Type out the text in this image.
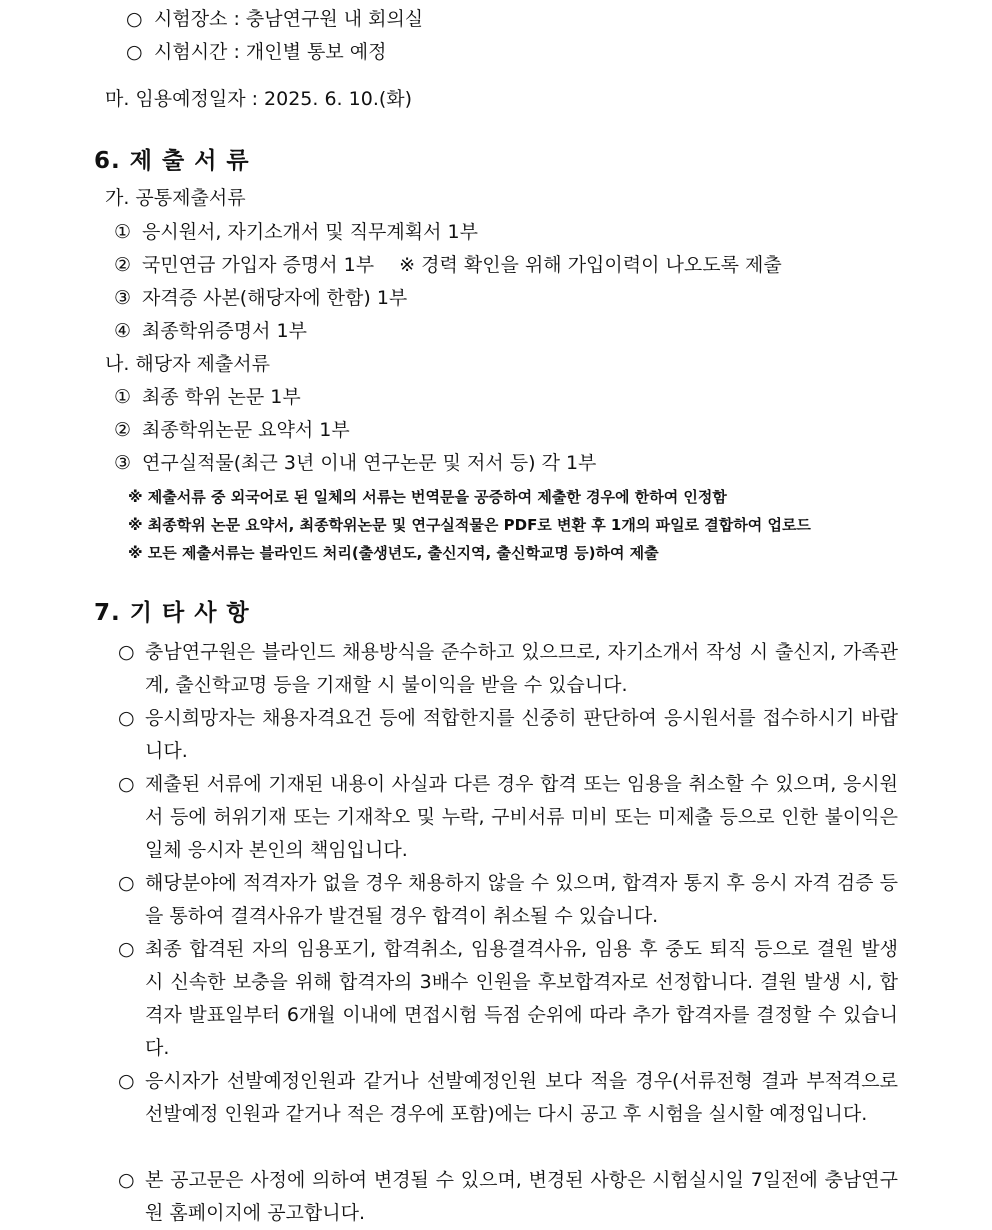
○ 시험장소 : 충남연구원 내 회의실
○ 시험시간 : 개인별 통보 예정
마. 임용예정일자 : 2025. 6. 10.(화)
6. 제 출 서 류
가. 공통제출서류
① 응시원서, 자기소개서 및 직무계획서 1부
② 국민연금 가입자 증명서 1부　 ※ 경력 확인을 위해 가입이력이 나오도록 제출
③ 자격증 사본(해당자에 한함) 1부
④ 최종학위증명서 1부
나. 해당자 제출서류
① 최종 학위 논문 1부
② 최종학위논문 요약서 1부
③ 연구실적물(최근 3년 이내 연구논문 및 저서 등) 각 1부
※ 제출서류 중 외국어로 된 일체의 서류는 번역문을 공증하여 제출한 경우에 한하여 인정함
※ 최종학위 논문 요약서, 최종학위논문 및 연구실적물은 PDF로 변환 후 1개의 파일로 결합하여 업로드
※ 모든 제출서류는 블라인드 처리(출생년도, 출신지역, 출신학교명 등)하여 제출
7. 기 타 사 항
○ 충남연구원은 블라인드 채용방식을 준수하고 있으므로, 자기소개서 작성 시 출신지, 가족관계, 출신학교명 등을 기재할 시 불이익을 받을 수 있습니다.
○ 응시희망자는 채용자격요건 등에 적합한지를 신중히 판단하여 응시원서를 접수하시기 바랍니다.
○ 제출된 서류에 기재된 내용이 사실과 다른 경우 합격 또는 임용을 취소할 수 있으며, 응시원서 등에 허위기재 또는 기재착오 및 누락, 구비서류 미비 또는 미제출 등으로 인한 불이익은 일체 응시자 본인의 책임입니다.
○ 해당분야에 적격자가 없을 경우 채용하지 않을 수 있으며, 합격자 통지 후 응시 자격 검증 등을 통하여 결격사유가 발견될 경우 합격이 취소될 수 있습니다.
○ 최종 합격된 자의 임용포기, 합격취소, 임용결격사유, 임용 후 중도 퇴직 등으로 결원 발생 시 신속한 보충을 위해 합격자의 3배수 인원을 후보합격자로 선정합니다. 결원 발생 시, 합격자 발표일부터 6개월 이내에 면접시험 득점 순위에 따라 추가 합격자를 결정할 수 있습니다.
○ 응시자가 선발예정인원과 같거나 선발예정인원 보다 적을 경우(서류전형 결과 부적격으로 선발예정 인원과 같거나 적은 경우에 포함)에는 다시 공고 후 시험을 실시할 예정입니다.
○ 본 공고문은 사정에 의하여 변경될 수 있으며, 변경된 사항은 시험실시일 7일전에 충남연구원 홈페이지에 공고합니다.
